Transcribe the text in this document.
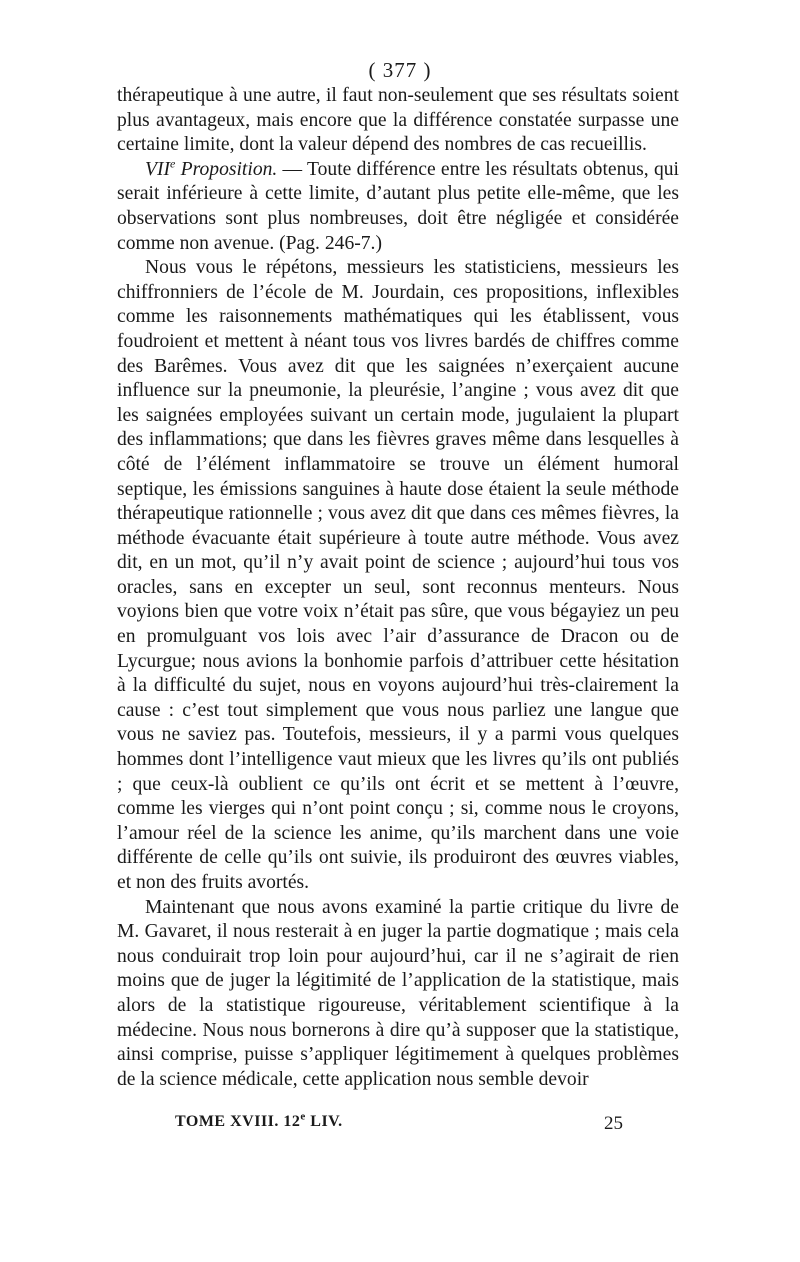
( 377 )

thérapeutique à une autre, il faut non-seulement que ses résultats soient plus avantageux, mais encore que la différence constatée surpasse une certaine limite, dont la valeur dépend des nombres de cas recueillis.

VIIe Proposition. — Toute différence entre les résultats obtenus, qui serait inférieure à cette limite, d’autant plus petite elle-même, que les observations sont plus nombreuses, doit être négligée et considérée comme non avenue. (Pag. 246-7.)

Nous vous le répétons, messieurs les statisticiens, messieurs les chiffronniers de l’école de M. Jourdain, ces propositions, inflexibles comme les raisonnements mathématiques qui les établissent, vous foudroient et mettent à néant tous vos livres bardés de chiffres comme des Barêmes. Vous avez dit que les saignées n’exerçaient aucune influence sur la pneumonie, la pleurésie, l’angine ; vous avez dit que les saignées employées suivant un certain mode, jugulaient la plupart des inflammations; que dans les fièvres graves même dans lesquelles à côté de l’élément inflammatoire se trouve un élément humoral septique, les émissions sanguines à haute dose étaient la seule méthode thérapeutique rationnelle ; vous avez dit que dans ces mêmes fièvres, la méthode évacuante était supérieure à toute autre méthode. Vous avez dit, en un mot, qu’il n’y avait point de science ; aujourd’hui tous vos oracles, sans en excepter un seul, sont reconnus menteurs. Nous voyions bien que votre voix n’était pas sûre, que vous bégayiez un peu en promulguant vos lois avec l’air d’assurance de Dracon ou de Lycurgue; nous avions la bonhomie parfois d’attribuer cette hésitation à la difficulté du sujet, nous en voyons aujourd’hui très-clairement la cause : c’est tout simplement que vous nous parliez une langue que vous ne saviez pas. Toutefois, messieurs, il y a parmi vous quelques hommes dont l’intelligence vaut mieux que les livres qu’ils ont publiés ; que ceux-là oublient ce qu’ils ont écrit et se mettent à l’œuvre, comme les vierges qui n’ont point conçu ; si, comme nous le croyons, l’amour réel de la science les anime, qu’ils marchent dans une voie différente de celle qu’ils ont suivie, ils produiront des œuvres viables, et non des fruits avortés.

Maintenant que nous avons examiné la partie critique du livre de M. Gavaret, il nous resterait à en juger la partie dogmatique ; mais cela nous conduirait trop loin pour aujourd’hui, car il ne s’agirait de rien moins que de juger la légitimité de l’application de la statistique, mais alors de la statistique rigoureuse, véritablement scientifique à la médecine. Nous nous bornerons à dire qu’à supposer que la statistique, ainsi comprise, puisse s’appliquer légitimement à quelques problèmes de la science médicale, cette application nous semble devoir

TOME XVIII. 12e LIV.	25
